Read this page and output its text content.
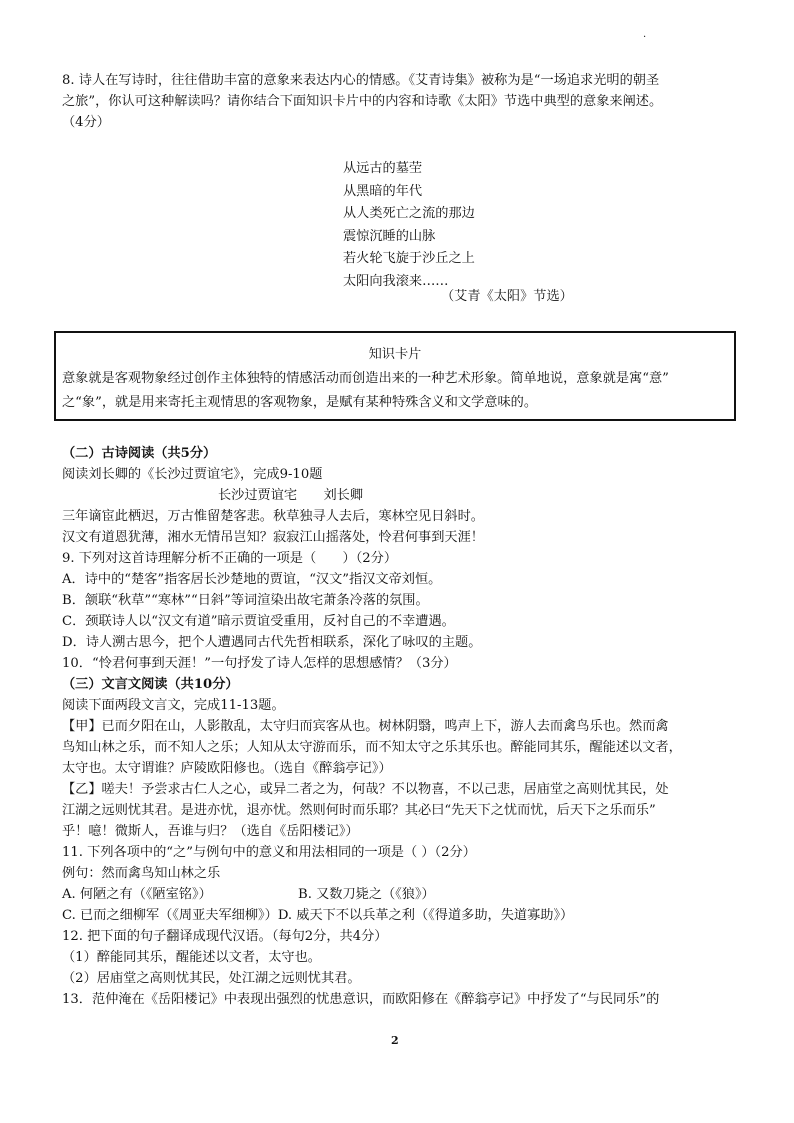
.
8. 诗人在写诗时，往往借助丰富的意象来表达内心的情感。《艾青诗集》被称为是“一场追求光明的朝圣
之旅”，你认可这种解读吗？请你结合下面知识卡片中的内容和诗歌《太阳》节选中典型的意象来阐述。
（4分）
从远古的墓茔
从黑暗的年代
从人类死亡之流的那边
震惊沉睡的山脉
若火轮飞旋于沙丘之上
太阳向我滚来……
（艾青《太阳》节选）
知识卡片
意象就是客观物象经过创作主体独特的情感活动而创造出来的一种艺术形象。简单地说，意象就是寓“意”
之“象”，就是用来寄托主观情思的客观物象，是赋有某种特殊含义和文学意味的。
（二）古诗阅读（共5分）
阅读刘长卿的《长沙过贾谊宅》，完成9-10题
长沙过贾谊宅　　刘长卿
三年谪宦此栖迟，万古惟留楚客悲。秋草独寻人去后，寒林空见日斜时。
汉文有道恩犹薄，湘水无情吊岂知？寂寂江山摇落处，怜君何事到天涯！
9. 下列对这首诗理解分析不正确的一项是（　　）（2分）
A．诗中的“楚客”指客居长沙楚地的贾谊，“汉文”指汉文帝刘恒。
B．颔联“秋草”“寒林”“日斜”等词渲染出故宅萧条冷落的氛围。
C．颈联诗人以“汉文有道”暗示贾谊受重用，反衬自己的不幸遭遇。
D．诗人溯古思今，把个人遭遇同古代先哲相联系，深化了咏叹的主题。
10．“怜君何事到天涯！”一句抒发了诗人怎样的思想感情？（3分）
（三）文言文阅读（共10分）
阅读下面两段文言文，完成11-13题。
【甲】已而夕阳在山，人影散乱，太守归而宾客从也。树林阴翳，鸣声上下，游人去而禽鸟乐也。然而禽
鸟知山林之乐，而不知人之乐；人知从太守游而乐，而不知太守之乐其乐也。醉能同其乐，醒能述以文者，
太守也。太守谓谁？庐陵欧阳修也。（选自《醉翁亭记》）
【乙】嗟夫！予尝求古仁人之心，或异二者之为，何哉？不以物喜，不以己悲，居庙堂之高则忧其民，处
江湖之远则忧其君。是进亦忧，退亦忧。然则何时而乐耶？其必曰“先天下之忧而忧，后天下之乐而乐”
乎！噫！微斯人，吾谁与归？（选自《岳阳楼记》）
11. 下列各项中的“之”与例句中的意义和用法相同的一项是（ ）（2分）
例句：然而禽鸟知山林之乐
A. 何陋之有（《陋室铭》）	B. 又数刀毙之（《狼》）
C. 已而之细柳军（《周亚夫军细柳》）D. 威天下不以兵革之利（《得道多助，失道寡助》）
12. 把下面的句子翻译成现代汉语。（每句2分，共4分）
（1）醉能同其乐，醒能述以文者，太守也。
（2）居庙堂之高则忧其民，处江湖之远则忧其君。
13．范仲淹在《岳阳楼记》中表现出强烈的忧患意识，而欧阳修在《醉翁亭记》中抒发了“与民同乐”的
2
